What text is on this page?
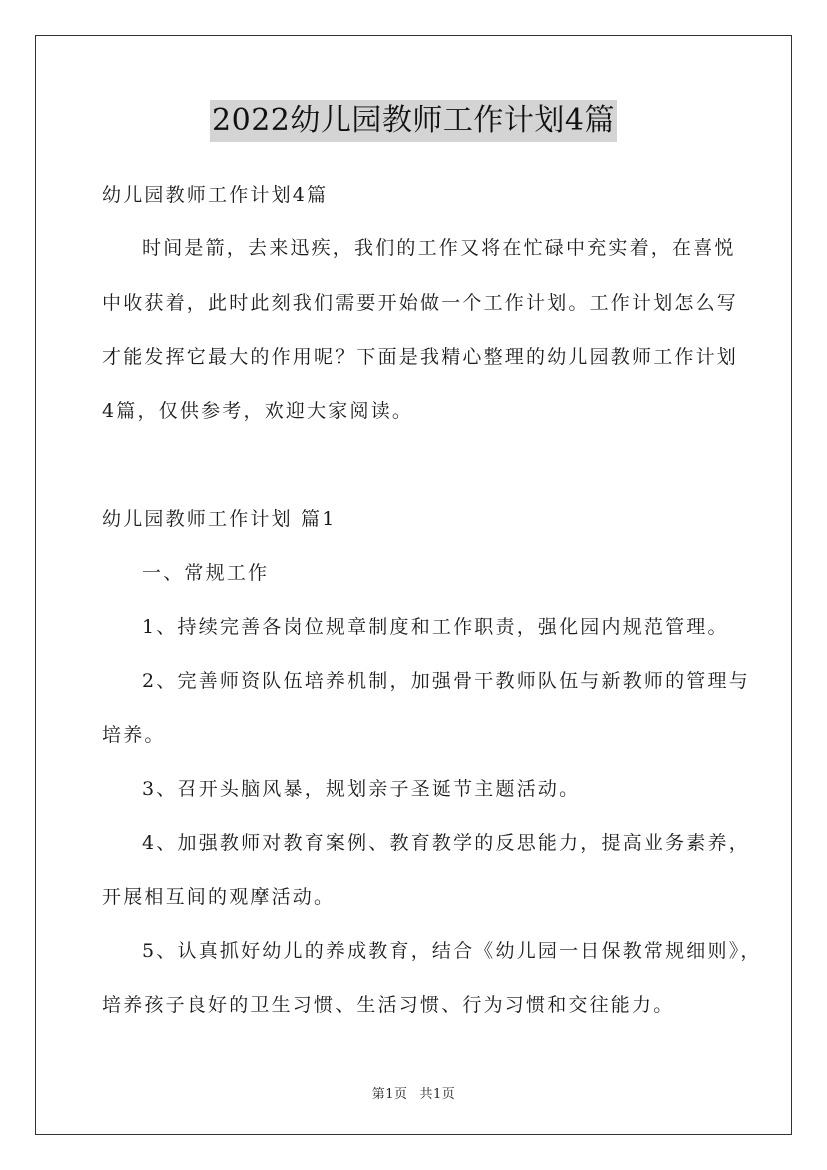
2022幼儿园教师工作计划4篇
幼儿园教师工作计划4篇
时间是箭，去来迅疾，我们的工作又将在忙碌中充实着，在喜悦
中收获着，此时此刻我们需要开始做一个工作计划。工作计划怎么写
才能发挥它最大的作用呢？下面是我精心整理的幼儿园教师工作计划
4篇，仅供参考，欢迎大家阅读。
幼儿园教师工作计划 篇1
一、常规工作
1、持续完善各岗位规章制度和工作职责，强化园内规范管理。
2、完善师资队伍培养机制，加强骨干教师队伍与新教师的管理与
培养。
3、召开头脑风暴，规划亲子圣诞节主题活动。
4、加强教师对教育案例、教育教学的反思能力，提高业务素养，
开展相互间的观摩活动。
5、认真抓好幼儿的养成教育，结合《幼儿园一日保教常规细则》，
培养孩子良好的卫生习惯、生活习惯、行为习惯和交往能力。
第1页 共1页
